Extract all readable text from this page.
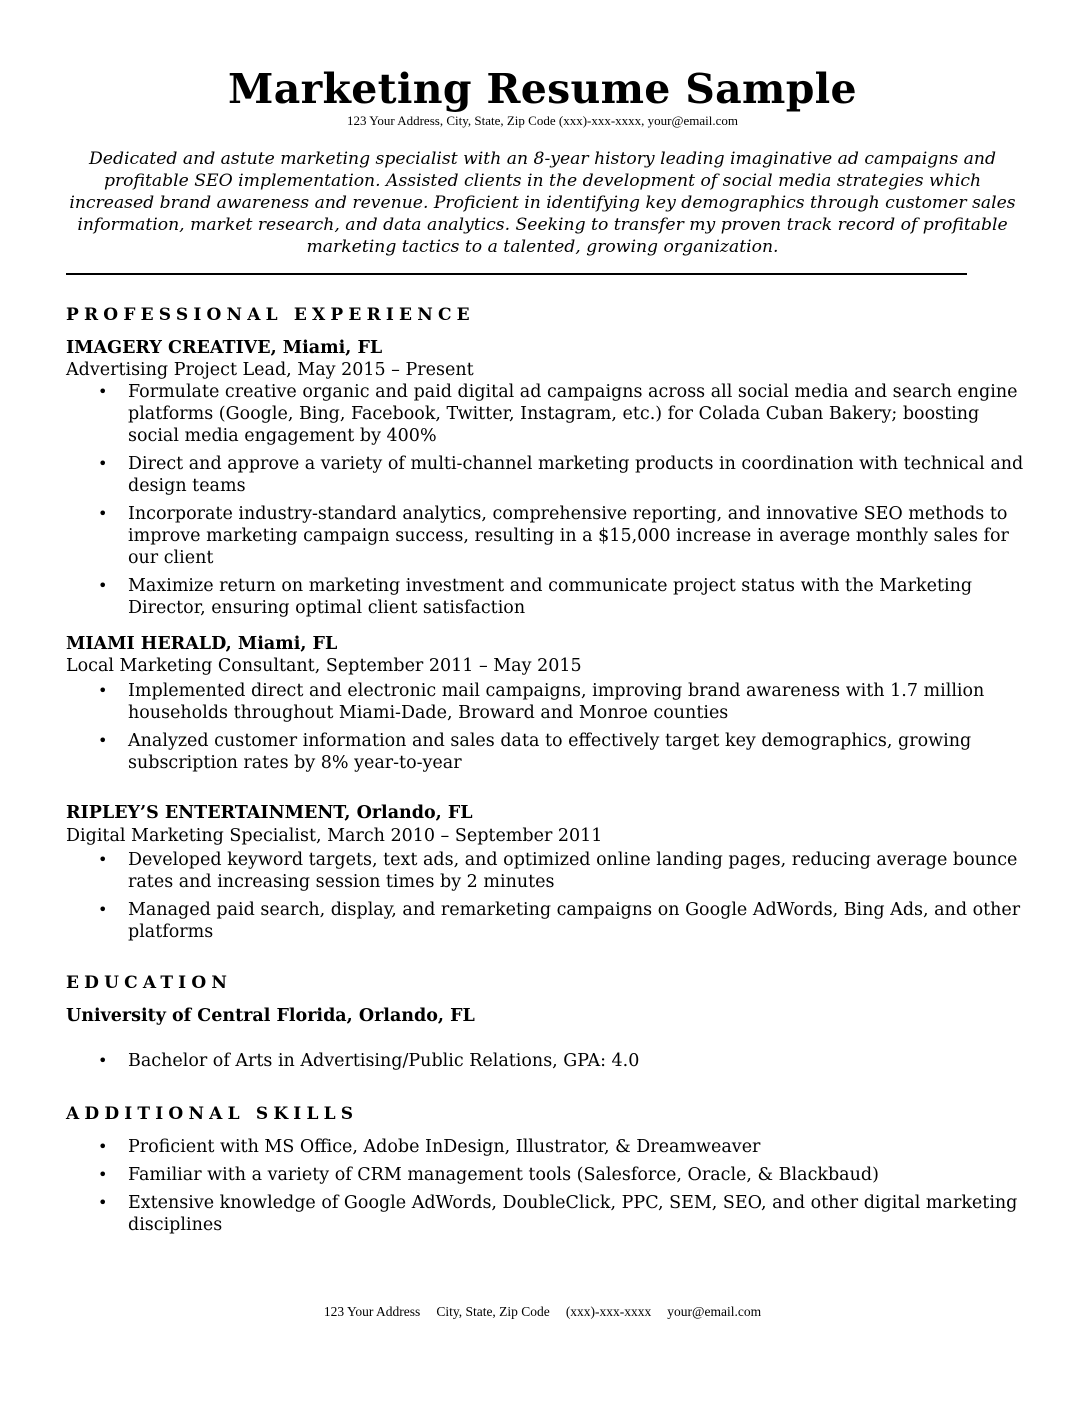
Marketing Resume Sample
123 Your Address, City, State, Zip Code (xxx)-xxx-xxxx, your@email.com
Dedicated and astute marketing specialist with an 8-year history leading imaginative ad campaigns and profitable SEO implementation. Assisted clients in the development of social media strategies which increased brand awareness and revenue. Proficient in identifying key demographics through customer sales information, market research, and data analytics. Seeking to transfer my proven track record of profitable marketing tactics to a talented, growing organization.
PROFESSIONAL EXPERIENCE
IMAGERY CREATIVE, Miami, FL
Advertising Project Lead, May 2015 – Present
• Formulate creative organic and paid digital ad campaigns across all social media and search engine platforms (Google, Bing, Facebook, Twitter, Instagram, etc.) for Colada Cuban Bakery; boosting social media engagement by 400%
• Direct and approve a variety of multi-channel marketing products in coordination with technical and design teams
• Incorporate industry-standard analytics, comprehensive reporting, and innovative SEO methods to improve marketing campaign success, resulting in a $15,000 increase in average monthly sales for our client
• Maximize return on marketing investment and communicate project status with the Marketing Director, ensuring optimal client satisfaction
MIAMI HERALD, Miami, FL
Local Marketing Consultant, September 2011 – May 2015
• Implemented direct and electronic mail campaigns, improving brand awareness with 1.7 million households throughout Miami-Dade, Broward and Monroe counties
• Analyzed customer information and sales data to effectively target key demographics, growing subscription rates by 8% year-to-year
RIPLEY’S ENTERTAINMENT, Orlando, FL
Digital Marketing Specialist, March 2010 – September 2011
• Developed keyword targets, text ads, and optimized online landing pages, reducing average bounce rates and increasing session times by 2 minutes
• Managed paid search, display, and remarketing campaigns on Google AdWords, Bing Ads, and other platforms
EDUCATION
University of Central Florida, Orlando, FL
• Bachelor of Arts in Advertising/Public Relations, GPA: 4.0
ADDITIONAL SKILLS
• Proficient with MS Office, Adobe InDesign, Illustrator, & Dreamweaver
• Familiar with a variety of CRM management tools (Salesforce, Oracle, & Blackbaud)
• Extensive knowledge of Google AdWords, DoubleClick, PPC, SEM, SEO, and other digital marketing disciplines
123 Your Address City, State, Zip Code (xxx)-xxx-xxxx your@email.com
